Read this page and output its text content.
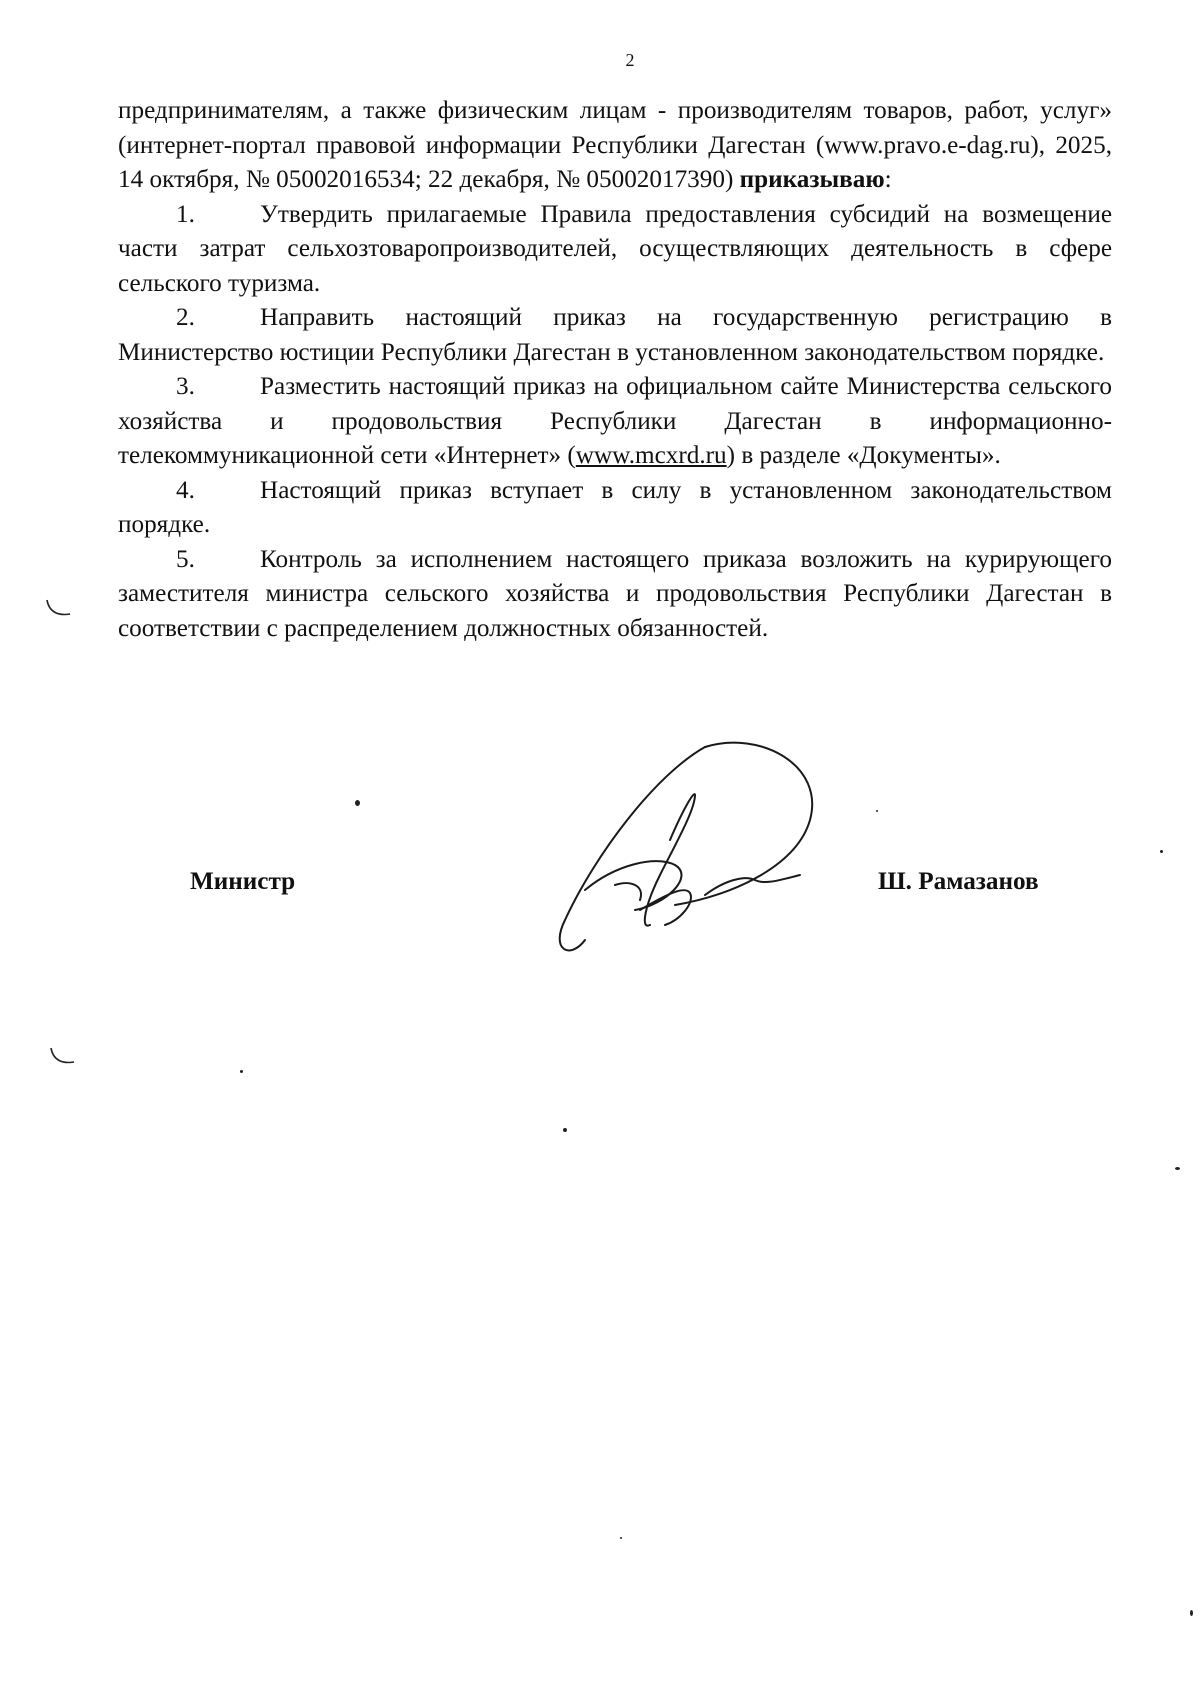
2

предпринимателям, а также физическим лицам - производителям товаров, работ, услуг» (интернет-портал правовой информации Республики Дагестан (www.pravo.e-dag.ru), 2025, 14 октября, № 05002016534; 22 декабря, № 05002017390) приказываю:

1.	Утвердить прилагаемые Правила предоставления субсидий на возмещение части затрат сельхозтоваропроизводителей, осуществляющих деятельность в сфере сельского туризма.

2.	Направить настоящий приказ на государственную регистрацию в Министерство юстиции Республики Дагестан в установленном законодательством порядке.

3.	Разместить настоящий приказ на официальном сайте Министерства сельского хозяйства и продовольствия Республики Дагестан в информационно-телекоммуникационной сети «Интернет» (www.mcxrd.ru) в разделе «Документы».

4.	Настоящий приказ вступает в силу в установленном законодательством порядке.

5.	Контроль за исполнением настоящего приказа возложить на курирующего заместителя министра сельского хозяйства и продовольствия Республики Дагестан в соответствии с распределением должностных обязанностей.

Министр	Ш. Рамазанов
